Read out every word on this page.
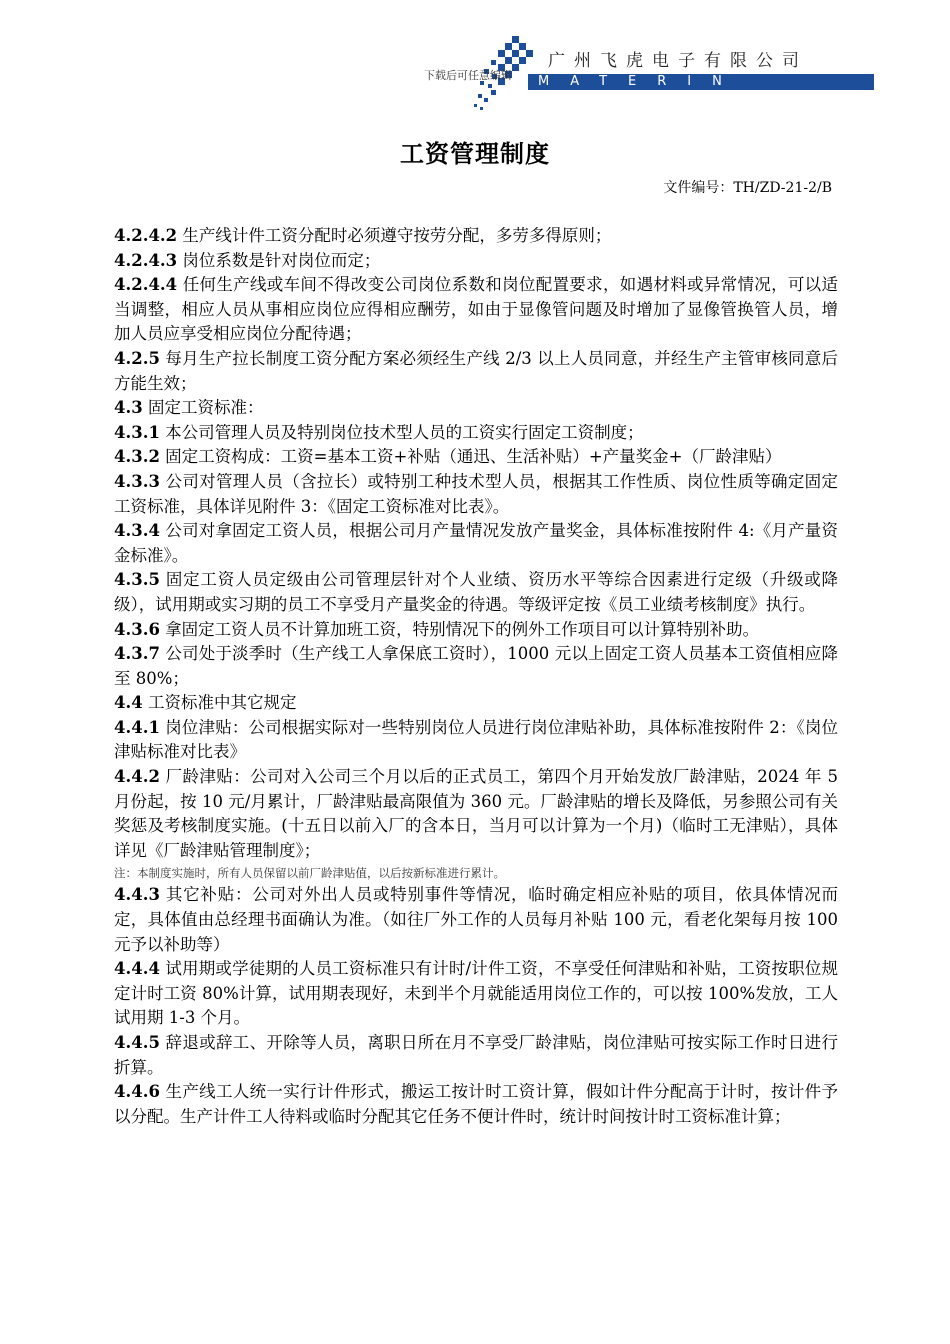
广州飞虎电子有限公司
MATERIN
下载后可任意编辑
工资管理制度
文件编号：TH/ZD-21-2/B

4.2.4.2 生产线计件工资分配时必须遵守按劳分配，多劳多得原则；

4.2.4.3 岗位系数是针对岗位而定；

4.2.4.4 任何生产线或车间不得改变公司岗位系数和岗位配置要求，如遇材料或异常情况，可以适当调整，相应人员从事相应岗位应得相应酬劳，如由于显像管问题及时增加了显像管换管人员，增加人员应享受相应岗位分配待遇；

4.2.5 每月生产拉长制度工资分配方案必须经生产线 2/3 以上人员同意，并经生产主管审核同意后方能生效；

4.3 固定工资标准：

4.3.1 本公司管理人员及特别岗位技术型人员的工资实行固定工资制度；

4.3.2 固定工资构成：工资=基本工资+补贴（通迅、生活补贴）+产量奖金+（厂龄津贴）

4.3.3 公司对管理人员（含拉长）或特别工种技术型人员，根据其工作性质、岗位性质等确定固定工资标准，具体详见附件 3：《固定工资标准对比表》。

4.3.4 公司对拿固定工资人员，根据公司月产量情况发放产量奖金，具体标准按附件 4:《月产量资金标准》。

4.3.5 固定工资人员定级由公司管理层针对个人业绩、资历水平等综合因素进行定级（升级或降级），试用期或实习期的员工不享受月产量奖金的待遇。等级评定按《员工业绩考核制度》执行。

4.3.6 拿固定工资人员不计算加班工资，特别情况下的例外工作项目可以计算特别补助。

4.3.7 公司处于淡季时（生产线工人拿保底工资时），1000 元以上固定工资人员基本工资值相应降至 80%；

4.4 工资标准中其它规定

4.4.1 岗位津贴：公司根据实际对一些特别岗位人员进行岗位津贴补助，具体标准按附件 2：《岗位津贴标准对比表》

4.4.2 厂龄津贴：公司对入公司三个月以后的正式员工，第四个月开始发放厂龄津贴，2024 年 5 月份起，按 10 元/月累计，厂龄津贴最高限值为 360 元。厂龄津贴的增长及降低，另参照公司有关奖惩及考核制度实施。(十五日以前入厂的含本日，当月可以计算为一个月)（临时工无津贴），具体详见《厂龄津贴管理制度》；

注：本制度实施时，所有人员保留以前厂龄津贴值，以后按新标准进行累计。

4.4.3 其它补贴：公司对外出人员或特别事件等情况，临时确定相应补贴的项目，依具体情况而定，具体值由总经理书面确认为准。（如往厂外工作的人员每月补贴 100 元，看老化架每月按 100 元予以补助等）

4.4.4 试用期或学徒期的人员工资标准只有计时/计件工资，不享受任何津贴和补贴，工资按职位规定计时工资 80%计算，试用期表现好，未到半个月就能适用岗位工作的，可以按 100%发放，工人试用期 1-3 个月。

4.4.5 辞退或辞工、开除等人员，离职日所在月不享受厂龄津贴，岗位津贴可按实际工作时日进行折算。

4.4.6 生产线工人统一实行计件形式，搬运工按计时工资计算，假如计件分配高于计时，按计件予以分配。生产计件工人待料或临时分配其它任务不便计件时，统计时间按计时工资标准计算；
